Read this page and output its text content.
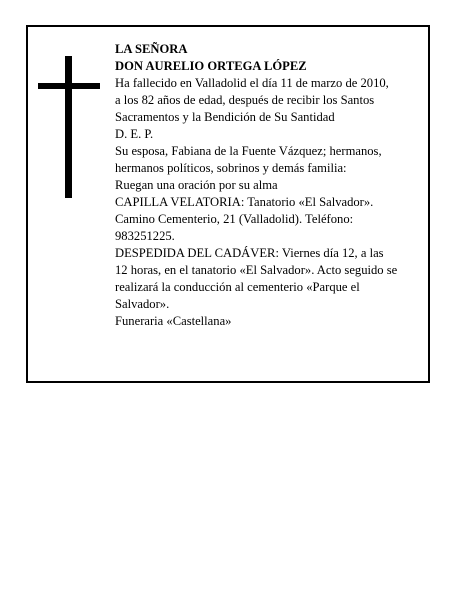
LA SEÑORA
DON AURELIO ORTEGA LÓPEZ
Ha fallecido en Valladolid el día 11 de marzo de 2010,
a los 82 años de edad, después de recibir los Santos
Sacramentos y la Bendición de Su Santidad
D. E. P.
Su esposa, Fabiana de la Fuente Vázquez; hermanos,
hermanos políticos, sobrinos y demás familia:
Ruegan una oración por su alma
CAPILLA VELATORIA: Tanatorio «El Salvador».
Camino Cementerio, 21 (Valladolid). Teléfono:
983251225.
DESPEDIDA DEL CADÁVER: Viernes día 12, a las
12 horas, en el tanatorio «El Salvador». Acto seguido se
realizará la conducción al cementerio «Parque el
Salvador».
Funeraria «Castellana»
